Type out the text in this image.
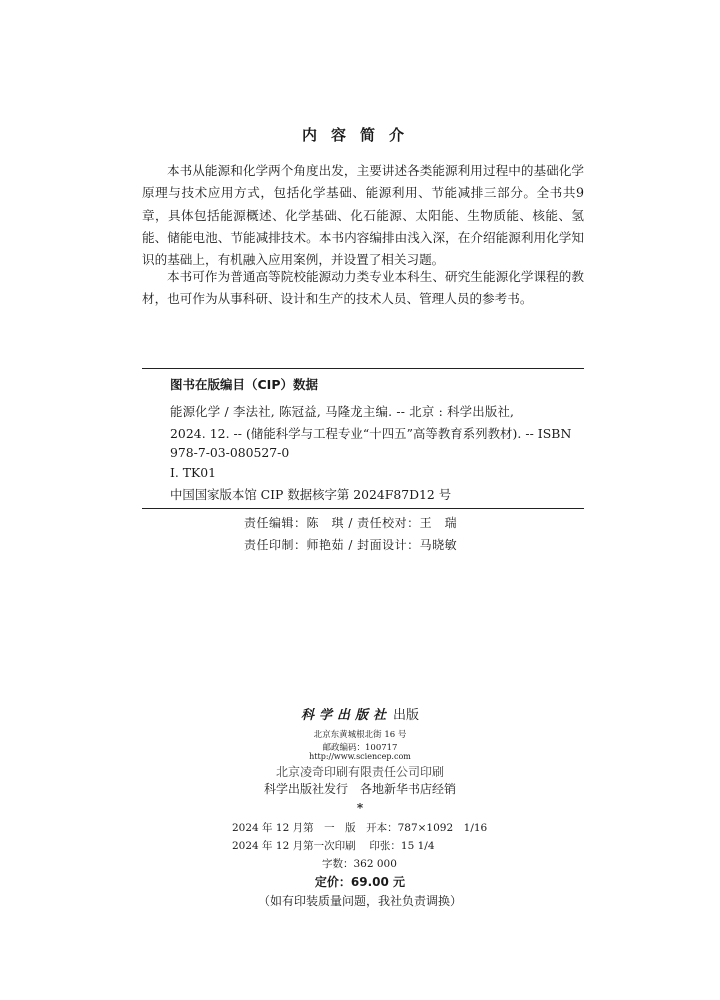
内容简介

本书从能源和化学两个角度出发，主要讲述各类能源利用过程中的基础化学原理与技术应用方式，包括化学基础、能源利用、节能减排三部分。全书共9章，具体包括能源概述、化学基础、化石能源、太阳能、生物质能、核能、氢能、储能电池、节能减排技术。本书内容编排由浅入深，在介绍能源利用化学知识的基础上，有机融入应用案例，并设置了相关习题。

本书可作为普通高等院校能源动力类专业本科生、研究生能源化学课程的教材，也可作为从事科研、设计和生产的技术人员、管理人员的参考书。

图书在版编目（CIP）数据
能源化学 / 李法社, 陈冠益, 马隆龙主编. -- 北京 : 科学出版社,
2024. 12. -- (储能科学与工程专业“十四五”高等教育系列教材). -- ISBN
978-7-03-080527-0
Ⅰ. TK01
中国国家版本馆 CIP 数据核字第 2024F87D12 号
责任编辑：陈　琪 / 责任校对：王　瑞
责任印制：师艳茹 / 封面设计：马晓敏
科学出版社 出版
北京东黄城根北街 16 号
邮政编码：100717
http://www.sciencep.com
北京凌奇印刷有限责任公司印刷
科学出版社发行　各地新华书店经销
*
2024 年 12 月第　一　版　开本：787×1092　1/16
2024 年 12 月第一次印刷　 印张：15 1/4
字数：362 000
定价：69.00 元
（如有印装质量问题，我社负责调换）
